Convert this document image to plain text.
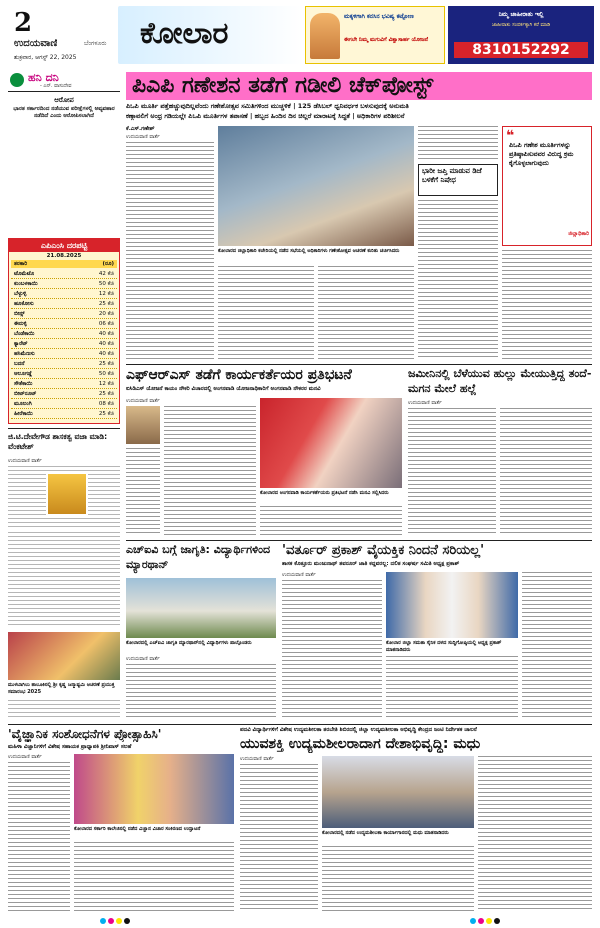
2
ಉದಯವಾಣಿ	ಬೆಂಗಳೂರು
ಶುಕ್ರವಾರ, ಆಗಸ್ಟ್ 22, 2025
ಕೋಲಾರ	ಮಕ್ಕಳಿಗಾಗಿ ಕನಸಿನ ಭವಿಷ್ಯ ಕಟ್ಟೋಣ
ಈಗಲೇ ನಿಮ್ಮ ಮಗುವಿಗೆ ವಿಶ್ವಾಸಾರ್ಹ ಯೋಜನೆ
ನಿಮ್ಮ ಜಾಹೀರಾತು ಇಲ್ಲಿ
ಜಾಹೀರಾತು ಸಂಪರ್ಕಕ್ಕಾಗಿ ಕರೆ ಮಾಡಿ
8310152292
ಹನಿ ದನಿ
- ಎನ್. ವಾಸುದೇವ
ಆರೋಪ
ಭಾರತ ಸರ್ಕಾರದಿಂದ ನಡೆಯುವ ಪರೀಕ್ಷೆಗಳಲ್ಲಿ ಅವ್ಯವಹಾರ ನಡೆದಿದೆ ಎಂದು ಆರೋಪಿಸಲಾಗಿದೆ
ಎಪಿಎಂಸಿ ದರಪಟ್ಟಿ
21.08.2025
ತರಕಾರಿ	(ರೂ)
ಟೊಮೆಟೊ	42 ಕೆಜಿ
ಕುಂಬಳಕಾಯಿ	50 ಕೆಜಿ
ಬೆಳ್ಳುಳ್ಳಿ	12 ಕೆಜಿ
ಹೂಕೋಸು	25 ಕೆಜಿ
ಬೀನ್ಸ್	20 ಕೆಜಿ
ಈರುಳ್ಳಿ	06 ಕೆಜಿ
ಬೆಂಡೆಕಾಯಿ	40 ಕೆಜಿ
ಕ್ಯಾರೆಟ್	40 ಕೆಜಿ
ಹಸಿಮೆಣಸು	40 ಕೆಜಿ
ಬದನೆ	25 ಕೆಜಿ
ಆಲೂಗಡ್ಡೆ	50 ಕೆಜಿ
ಸೌತೆಕಾಯಿ	12 ಕೆಜಿ
ಬೀಟ್‌ರೂಟ್	25 ಕೆಜಿ
ಮೂಲಂಗಿ	08 ಕೆಜಿ
ಹೀರೆಕಾಯಿ	25 ಕೆಜಿ
ಜಿ.ಟಿ.ದೇವೇಗೌಡ ಶಾಸಕತ್ವ ವಜಾ ಮಾಡಿ: ವೆಂಕಟೇಶ್
ಉದಯವಾಣಿ ವಾರ್ತೆ
ಮುಳಬಾಗಿಲು ತಾಲೂಕಿನಲ್ಲಿ ಶ್ರೀ ಕೃಷ್ಣ ಜನ್ಮಾಷ್ಟಮಿ ಆಚರಣೆ ಪ್ರಯುಕ್ತ ಸಮಾರಂಭ 2025
ಪಿಎಪಿ ಗಣೇಶನ ತಡೆಗೆ ಗಡೀಲಿ ಚೆಕ್‌ಪೋಸ್ಟ್
ಪಿಒಪಿ ಮೂರ್ತಿ ಪತ್ತೆಹಚ್ಚುವುದಿಲ್ಲವೆಂದು ಗಣೇಶೋತ್ಸವ ಸಮಿತಿಗಳಿಂದ ಮುಚ್ಚಳಿಕೆ | 125 ಡೆಸಿಬಲ್ ಧ್ವನಿವರ್ಧಕ ಬಳಸುವುದಕ್ಕೆ ಅನುಮತಿ
ಕಣ್ಗಾವಲಿಗೆ ಅಂಧ್ರ ಗಡಿಯಲ್ಲೇ ಪಿಒಪಿ ಮೂರ್ತಿಗಳ ತಪಾಸಣೆ | ಹಬ್ಬದ ಹಿಂದಿನ ದಿನ ಚಿಲ್ಲರೆ ಮಾರಾಟಕ್ಕೆ ಸಿದ್ಧತೆ | ಅಧಿಕಾರಿಗಳ ಪರಿಶೀಲನೆ
ಕೆ.ಎಸ್.ಗಣೇಶ್
ಉದಯವಾಣಿ ವಾರ್ತೆ
ಕೋಲಾರದ ಜಿಲ್ಲಾಧಿಕಾರಿ ಕಚೇರಿಯಲ್ಲಿ ನಡೆದ ಸಭೆಯಲ್ಲಿ ಅಧಿಕಾರಿಗಳು ಗಣೇಶೋತ್ಸವ ಆಚರಣೆ ಕುರಿತು ಚರ್ಚಿಸಿದರು
ಭಾರೀ ಜಪ್ತಿ ಮಾಡುವ ಡಿಜೆ ಬಳಕೆಗೆ ನಿಷೇಧ
❝
ಪಿಒಪಿ ಗಣೇಶ ಮೂರ್ತಿಗಳನ್ನು ಪ್ರತಿಷ್ಠಾಪಿಸುವವರ ವಿರುದ್ಧ ಕ್ರಮ ಕೈಗೊಳ್ಳಲಾಗುವುದು
ಜಿಲ್ಲಾಧಿಕಾರಿ
ಎಫ್‌ಆರ್‌ಎಸ್ ತಡೆಗೆ ಕಾರ್ಯಕರ್ತೆಯರ ಪ್ರತಿಭಟನೆ
ಐಸಿಡಿಎಸ್ ಯೋಜನೆ ಕಾಯಂ ನೌಕರಿ ವಿಚಾರದಲ್ಲಿ ಅಂಗನವಾಡಿ ಯೋಜನಾಧಿಕಾರಿಗೆ ಅಂಗನವಾಡಿ ನೌಕರರ ಮನವಿ
ಉದಯವಾಣಿ ವಾರ್ತೆ
ಕೋಲಾರದ ಅಂಗನವಾಡಿ ಕಾರ್ಯಕರ್ತೆಯರು ಪ್ರತಿಭಟನೆ ನಡೆಸಿ ಮನವಿ ಸಲ್ಲಿಸಿದರು
ಜಮೀನಿನಲ್ಲಿ ಬೆಳೆಯುವ ಹುಲ್ಲು ಮೇಯುತ್ತಿದ್ದ ತಂದೆ-ಮಗನ ಮೇಲೆ ಹಲ್ಲೆ
ಉದಯವಾಣಿ ವಾರ್ತೆ
ಎಚ್‌ಐವಿ ಬಗ್ಗೆ ಜಾಗೃತಿ: ವಿದ್ಯಾರ್ಥಿಗಳಿಂದ ಮ್ಯಾರಥಾನ್
ಕೋಲಾರದಲ್ಲಿ ಎಚ್‌ಐವಿ ಜಾಗೃತಿ ಮ್ಯಾರಥಾನ್‌ನಲ್ಲಿ ವಿದ್ಯಾರ್ಥಿಗಳು ಪಾಲ್ಗೊಂಡರು
ಉದಯವಾಣಿ ವಾರ್ತೆ
'ವರ್ತೂರ್ ಪ್ರಕಾಶ್ ವೈಯಕ್ತಿಕ ನಿಂದನೆ ಸರಿಯಲ್ಲ'
ಶಾಸಕ ಕೊತ್ತೂರು ಮಂಜುನಾಥ್ ತವರೂರ್ ಜಾತಿ ಕದ್ದವರಲ್ಲ: ದಲಿತ ಸಂಘರ್ಷ ಸಮಿತಿ ಅಧ್ಯಕ್ಷ ಪ್ರಕಾಶ್
ಉದಯವಾಣಿ ವಾರ್ತೆ
ಕೋಲಾರ ಜಿಲ್ಲಾ ಸಮತಾ ಸೈನಿಕ ದಳದ ಸುದ್ದಿಗೋಷ್ಠಿಯಲ್ಲಿ ಅಧ್ಯಕ್ಷ ಪ್ರಕಾಶ್ ಮಾತನಾಡಿದರು
'ವೈಜ್ಞಾನಿಕ ಸಂಶೋಧನೆಗಳ ಪ್ರೋತ್ಸಾಹಿಸಿ'
ಮಹಿಳಾ ವಿಜ್ಞಾನಿಗಳಿಗೆ ವಿಶೇಷ ಸಹಾಯಕ ಪ್ರಾಧ್ಯಾಪಕಿ ಶ್ರೀನಿವಾಸ್ ಸಲಹೆ
ಉದಯವಾಣಿ ವಾರ್ತೆ
ಕೋಲಾರದ ಸರ್ಕಾರಿ ಕಾಲೇಜಿನಲ್ಲಿ ನಡೆದ ವಿಜ್ಞಾನ ವಿಚಾರ ಸಂಕಿರಣದ ಉದ್ಘಾಟನೆ
ಪದವಿ ವಿದ್ಯಾರ್ಥಿಗಳಿಗೆ ವಿಶೇಷ ಉದ್ಯಮಶೀಲತಾ ತರಬೇತಿ ಶಿಬಿರದಲ್ಲಿ ಜಿಲ್ಲಾ ಉದ್ಯಮಶೀಲತಾ ಅಭಿವೃದ್ಧಿ ಕೇಂದ್ರದ ಜಂಟಿ ನಿರ್ದೇಶಕ ಚಾಲನೆ
ಯುವಶಕ್ತಿ ಉದ್ಯಮಶೀಲರಾದಾಗ ದೇಶಾಭಿವೃದ್ಧಿ: ಮಧು
ಉದಯವಾಣಿ ವಾರ್ತೆ
ಕೋಲಾರದಲ್ಲಿ ನಡೆದ ಉದ್ಯಮಶೀಲತಾ ಕಾರ್ಯಾಗಾರದಲ್ಲಿ ಮಧು ಮಾತನಾಡಿದರು
